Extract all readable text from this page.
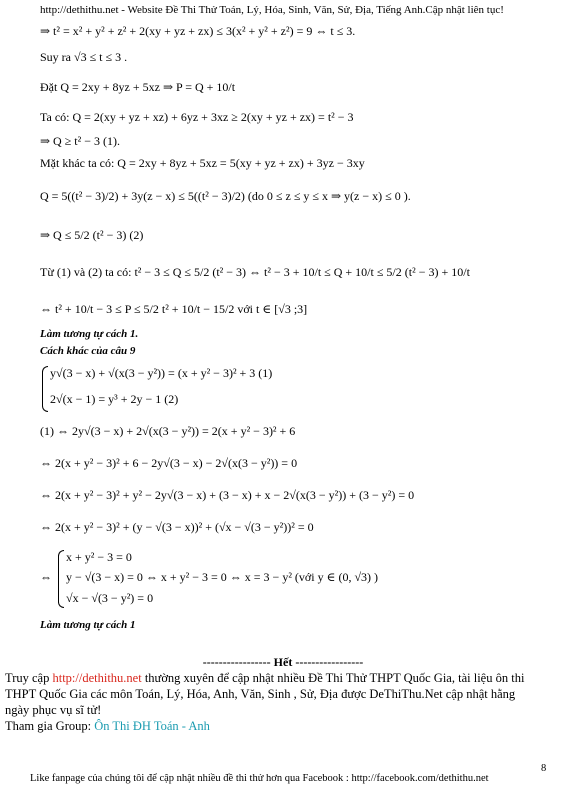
http://dethithu.net - Website Đề Thi Thử Toán, Lý, Hóa, Sinh, Văn, Sử, Địa, Tiếng Anh.Cập nhật liên tục!
⇒ t² = x² + y² + z² + 2(xy + yz + zx) ≤ 3(x² + y² + z²) = 9 ⇔ t ≤ 3.
Suy ra √3 ≤ t ≤ 3 .
Đặt Q = 2xy + 8yz + 5xz ⇒ P = Q + 10/t
Ta có: Q = 2(xy + yz + xz) + 6yz + 3xz ≥ 2(xy + yz + zx) = t² − 3
⇒ Q ≥ t² − 3 (1).
Mặt khác ta có: Q = 2xy + 8yz + 5xz = 5(xy + yz + zx) + 3yz − 3xy
Q = 5((t² − 3)/2) + 3y(z − x) ≤ 5((t² − 3)/2) (do 0 ≤ z ≤ y ≤ x ⇒ y(z − x) ≤ 0 ).
⇒ Q ≤ 5/2 (t² − 3) (2)
Từ (1) và (2) ta có: t² − 3 ≤ Q ≤ 5/2 (t² − 3) ⇔ t² − 3 + 10/t ≤ Q + 10/t ≤ 5/2 (t² − 3) + 10/t
⇔ t² + 10/t − 3 ≤ P ≤ 5/2 t² + 10/t − 15/2 với t ∈ [√3 ;3]
Làm tương tự cách 1.
Cách khác của câu 9
y√(3 − x) + √(x(3 − y²)) = (x + y² − 3)² + 3 (1)
2√(x − 1) = y³ + 2y − 1 (2)
(1) ⇔ 2y√(3 − x) + 2√(x(3 − y²)) = 2(x + y² − 3)² + 6
⇔ 2(x + y² − 3)² + 6 − 2y√(3 − x) − 2√(x(3 − y²)) = 0
⇔ 2(x + y² − 3)² + y² − 2y√(3 − x) + (3 − x) + x − 2√(x(3 − y²)) + (3 − y²) = 0
⇔ 2(x + y² − 3)² + (y − √(3 − x))² + (√x − √(3 − y²))² = 0
⇔
x + y² − 3 = 0
y − √(3 − x) = 0 ⇔ x + y² − 3 = 0 ⇔ x = 3 − y² (với y ∈ (0, √3) )
√x − √(3 − y²) = 0
Làm tương tự cách 1
----------------- Hết -----------------
Truy cập http://dethithu.net thường xuyên để cập nhật nhiều Đề Thi Thử THPT Quốc Gia, tài liệu ôn thi
THPT Quốc Gia các môn Toán, Lý, Hóa, Anh, Văn, Sinh , Sử, Địa được DeThiThu.Net cập nhật hằng
ngày phục vụ sĩ tử!
Tham gia Group: Ôn Thi ĐH Toán - Anh
8
Like fanpage của chúng tôi để cập nhật nhiều đề thi thử hơn qua Facebook : http://facebook.com/dethithu.net
